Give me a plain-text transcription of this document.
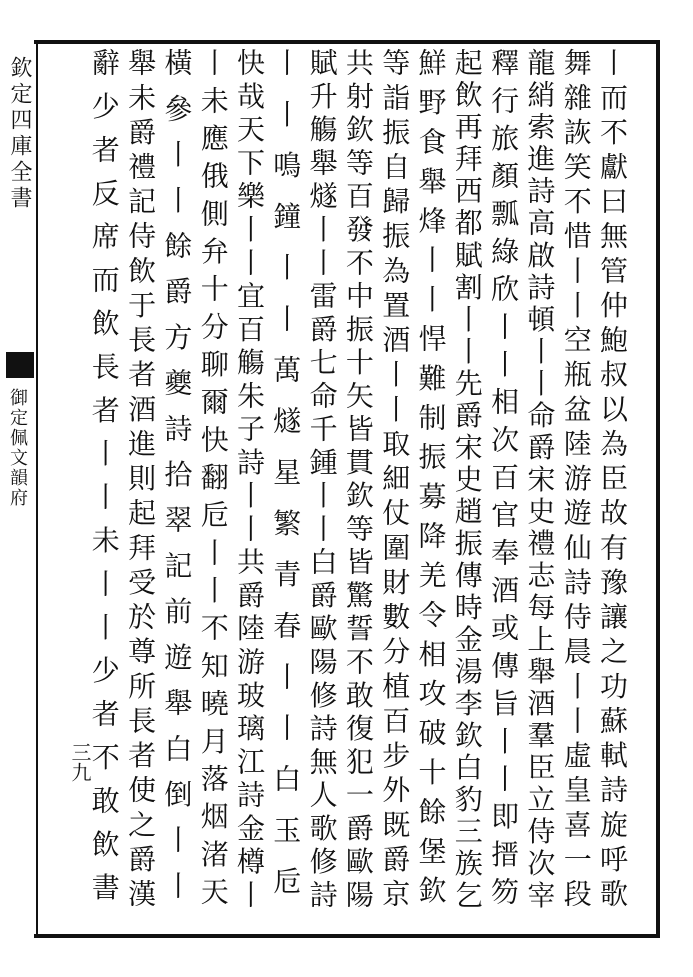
欽定四庫全書
御定佩文韻府
三九	丨而不獻曰無管仲鮑叔以為臣故有豫讓之功蘇軾詩旋呼歌
舞雜詼笑不惜丨丨空瓶盆陸游遊仙詩侍晨丨丨虛皇喜一段
龍綃索進詩高啟詩頓丨丨命爵宋史禮志每上舉酒羣臣立侍次宰
釋行旅顏瓢綠欣丨丨相次百官奉酒或傳旨丨丨即搢笏
起飲再拜西都賦割丨丨先爵宋史趙振傳時金湯李欽白豹三族乞
鮮野食舉烽丨丨悍難制振募降羌令相攻破十餘堡欽
等詣振自歸振為置酒丨丨取細仗圍財數分植百步外既爵京
共射欽等百發不中振十矢皆貫欽等皆驚誓不敢復犯一爵歐陽
賦升觴舉燧丨丨雷爵七命千鍾丨丨白爵歐陽修詩無人歌修詩
丨丨鳴鐘丨丨萬燧星繁青春丨丨白玉卮
快哉天下樂丨丨宜百觴朱子詩丨丨共爵陸游玻璃江詩金樽丨
丨未應俄側弁十分聊爾快翻卮丨丨不知曉月落烟渚天
橫參丨丨餘爵方夔詩拾翠記前遊舉白倒丨丨
舉未爵禮記侍飲于長者酒進則起拜受於尊所長者使之爵漢
辭少者反席而飲長者丨丨未丨丨少者不敢飲書
